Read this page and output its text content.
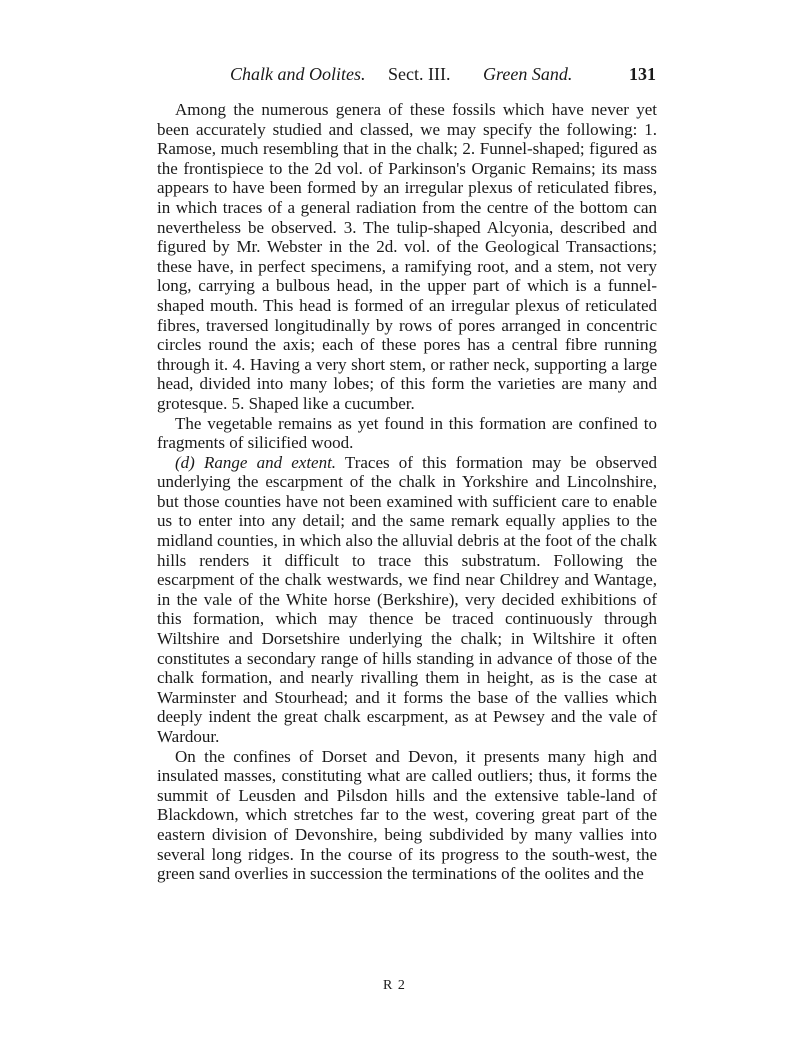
Chalk and Oolites. Sect. III. Green Sand.	131

Among the numerous genera of these fossils which have never yet been accurately studied and classed, we may specify the following: 1. Ramose, much resembling that in the chalk; 2. Funnel-shaped; figured as the frontispiece to the 2d vol. of Parkinson's Organic Remains; its mass appears to have been formed by an irregular plexus of reticulated fibres, in which traces of a general radiation from the centre of the bottom can nevertheless be observed. 3. The tulip-shaped Alcyonia, described and figured by Mr. Webster in the 2d. vol. of the Geological Transactions; these have, in perfect specimens, a ramifying root, and a stem, not very long, carrying a bulbous head, in the upper part of which is a funnel-shaped mouth. This head is formed of an irregular plexus of reticulated fibres, traversed longitudinally by rows of pores arranged in concentric circles round the axis; each of these pores has a central fibre running through it. 4. Having a very short stem, or rather neck, supporting a large head, divided into many lobes; of this form the varieties are many and grotesque. 5. Shaped like a cucumber.

The vegetable remains as yet found in this formation are confined to fragments of silicified wood.

(d) Range and extent. Traces of this formation may be observed underlying the escarpment of the chalk in Yorkshire and Lincolnshire, but those counties have not been examined with sufficient care to enable us to enter into any detail; and the same remark equally applies to the midland counties, in which also the alluvial debris at the foot of the chalk hills renders it difficult to trace this substratum. Following the escarpment of the chalk westwards, we find near Childrey and Wantage, in the vale of the White horse (Berkshire), very decided exhibitions of this formation, which may thence be traced continuously through Wiltshire and Dorsetshire underlying the chalk; in Wiltshire it often constitutes a secondary range of hills standing in advance of those of the chalk formation, and nearly rivalling them in height, as is the case at Warminster and Stourhead; and it forms the base of the vallies which deeply indent the great chalk escarpment, as at Pewsey and the vale of Wardour.

On the confines of Dorset and Devon, it presents many high and insulated masses, constituting what are called outliers; thus, it forms the summit of Leusden and Pilsdon hills and the extensive table-land of Blackdown, which stretches far to the west, covering great part of the eastern division of Devonshire, being subdivided by many vallies into several long ridges. In the course of its progress to the south-west, the green sand overlies in succession the terminations of the oolites and the

R 2
